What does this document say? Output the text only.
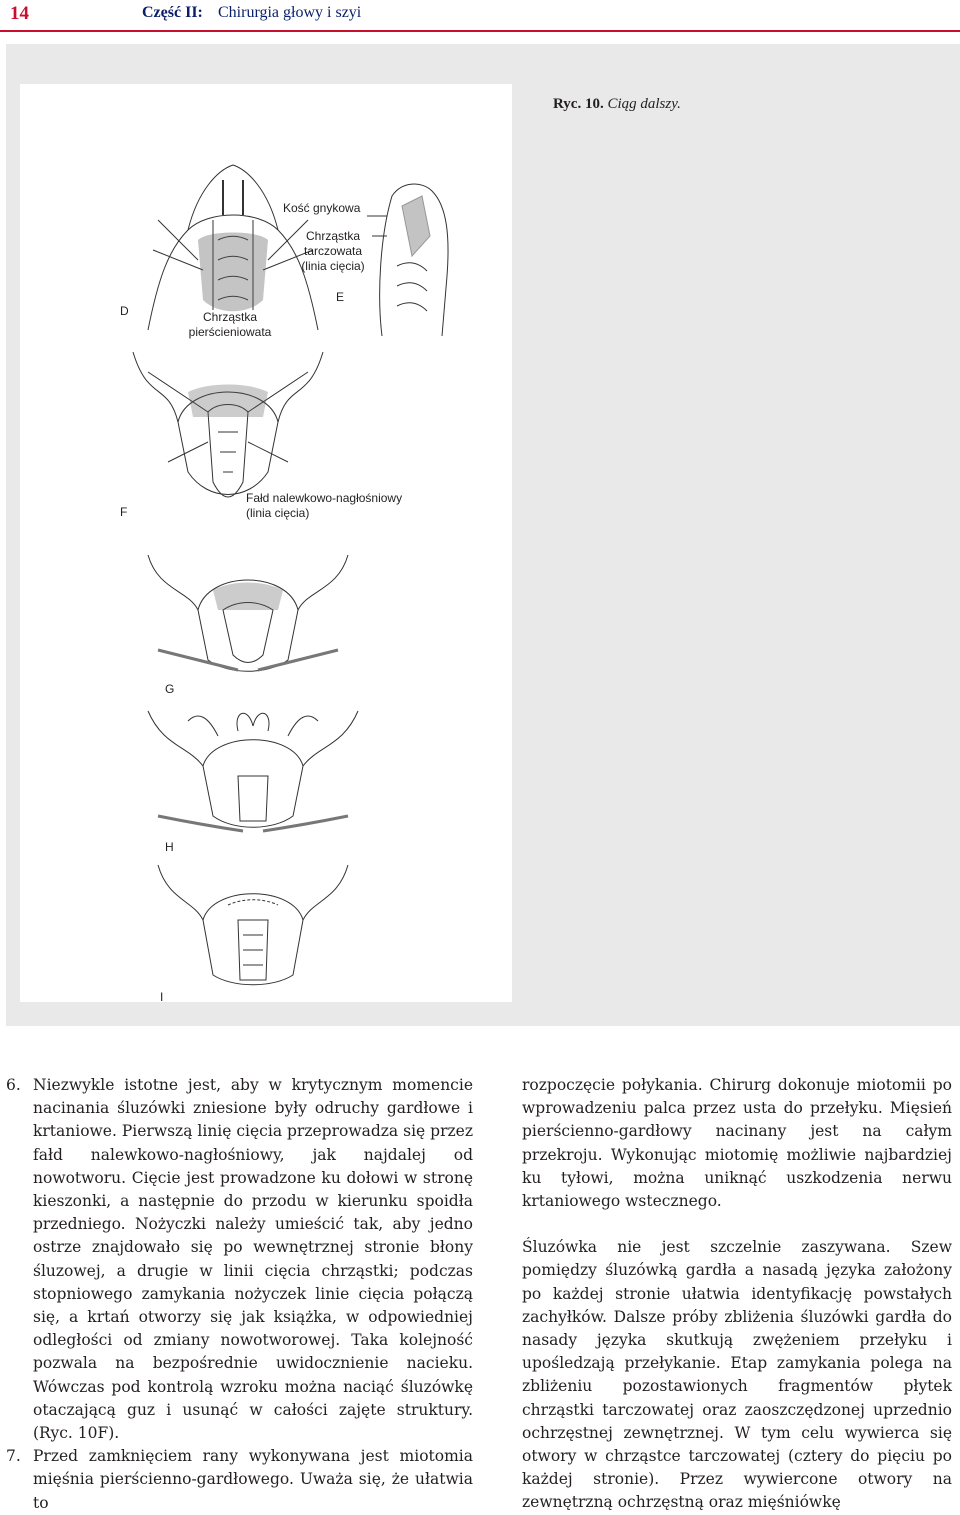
14	Część II: Chirurgia głowy i szyi
Ryc. 10. Ciąg dalszy.
Kość gnykowa
Chrząstka
tarczowata
(linia cięcia)
Chrząstka
pierścieniowata
D
E
Fałd nalewkowo-nagłośniowy
(linia cięcia)
F
G
H
I
6. Niezwykle istotne jest, aby w krytycznym momencie nacinania śluzówki zniesione były odruchy gardłowe i krtaniowe. Pierwszą linię cięcia przeprowadza się przez fałd nalewkowo-nagłośniowy, jak najdalej od nowotworu. Cięcie jest prowadzone ku dołowi w stronę kieszonki, a następnie do przodu w kierunku spoidła przedniego. Nożyczki należy umieścić tak, aby jedno ostrze znajdowało się po wewnętrznej stronie błony śluzowej, a drugie w linii cięcia chrząstki; podczas stopniowego zamykania nożyczek linie cięcia połączą się, a krtań otworzy się jak książka, w odpowiedniej odległości od zmiany nowotworowej. Taka kolejność pozwala na bezpośrednie uwidocznienie nacieku. Wówczas pod kontrolą wzroku można naciąć śluzówkę otaczającą guz i usunąć w całości zajęte struktury. (Ryc. 10F).

7. Przed zamknięciem rany wykonywana jest miotomia mięśnia pierścienno-gardłowego. Uważa się, że ułatwia to

rozpoczęcie połykania. Chirurg dokonuje miotomii po wprowadzeniu palca przez usta do przełyku. Mięsień pierścienno-gardłowy nacinany jest na całym przekroju. Wykonując miotomię możliwie najbardziej ku tyłowi, można uniknąć uszkodzenia nerwu krtaniowego wstecznego.

Śluzówka nie jest szczelnie zaszywana. Szew pomiędzy śluzówką gardła a nasadą języka założony po każdej stronie ułatwia identyfikację powstałych zachyłków. Dalsze próby zbliżenia śluzówki gardła do nasady języka skutkują zwężeniem przełyku i upośledzają przełykanie. Etap zamykania polega na zbliżeniu pozostawionych fragmentów płytek chrząstki tarczowatej oraz zaoszczędzonej uprzednio ochrzęstnej zewnętrznej. W tym celu wywierca się otwory w chrząstce tarczowatej (cztery do pięciu po każdej stronie). Przez wywiercone otwory na zewnętrzną ochrzęstną oraz mięśniówkę
